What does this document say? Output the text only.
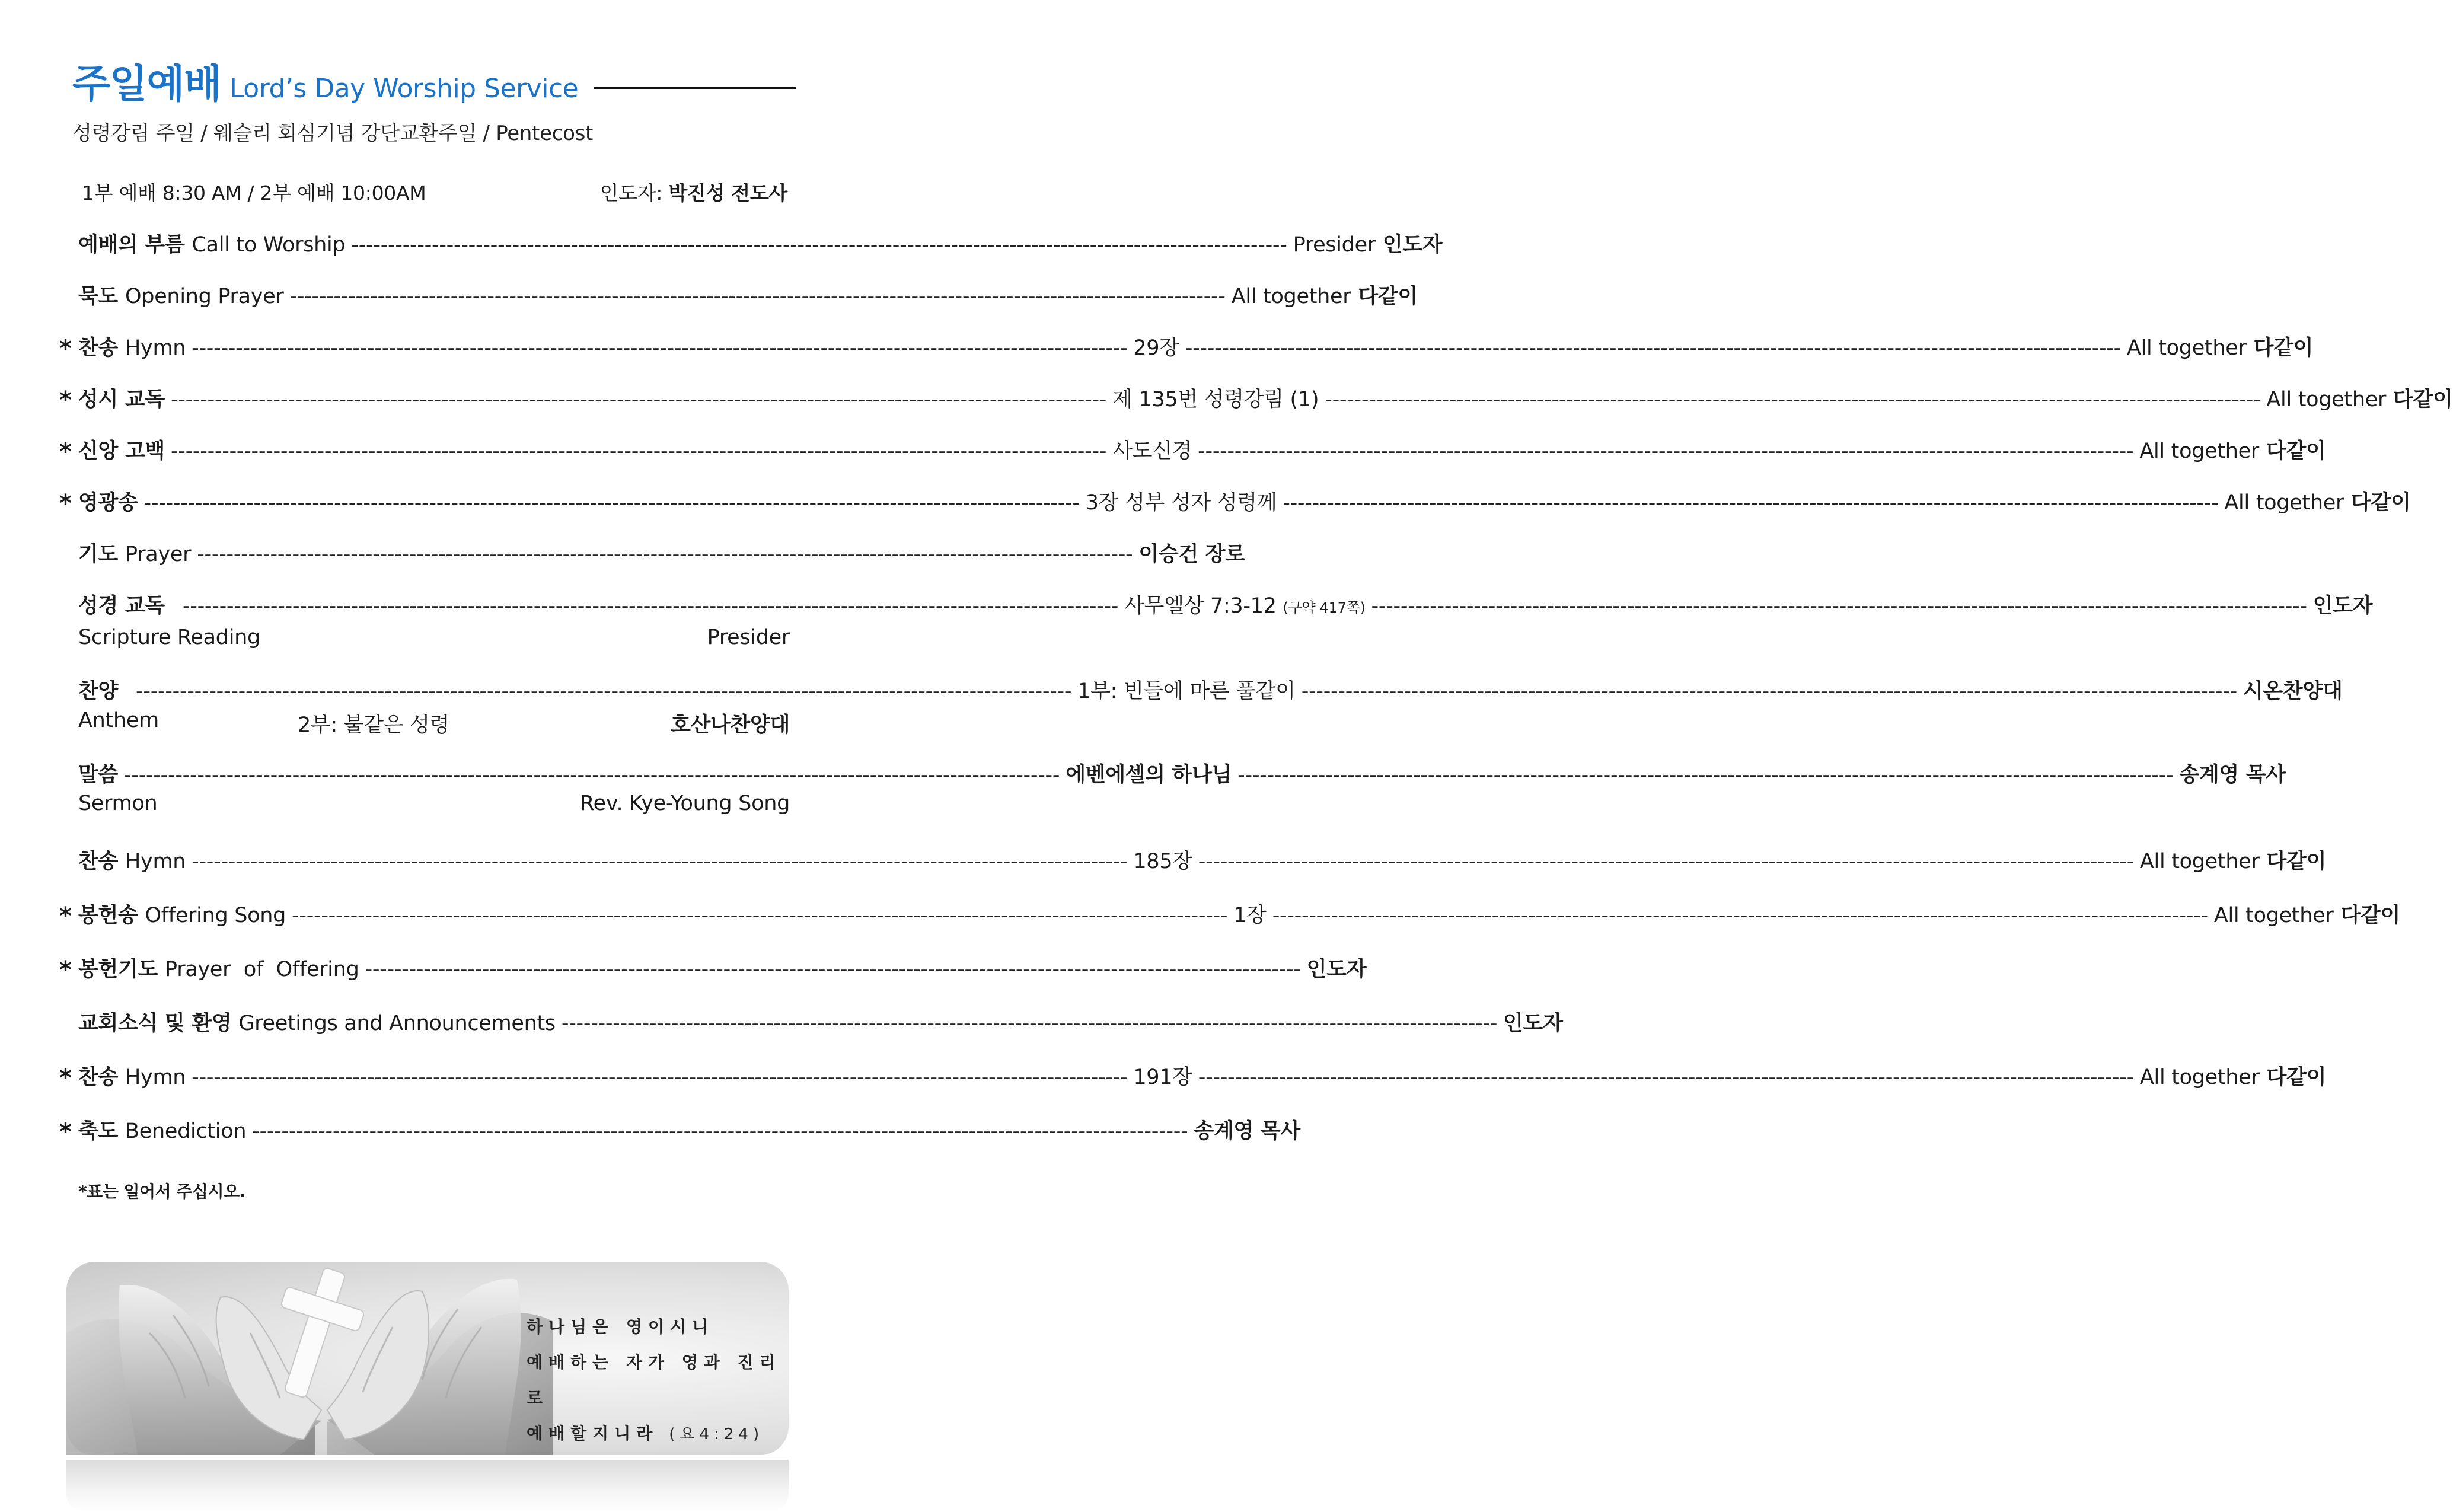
주일예배 Lord’s Day Worship Service
성령강림 주일 / 웨슬리 회심기념 강단교환주일 / Pentecost
1부 예배 8:30 AM / 2부 예배 10:00AM	인도자: 박진성 전도사
예배의 부름 Call to Worship -------------------------------------------------------------------------------------------------------------------------------- Presider 인도자
묵도 Opening Prayer -------------------------------------------------------------------------------------------------------------------------------- All together 다같이
* 찬송 Hymn -------------------------------------------------------------------------------------------------------------------------------- 29장 -------------------------------------------------------------------------------------------------------------------------------- All together 다같이
* 성시 교독 -------------------------------------------------------------------------------------------------------------------------------- 제 135번 성령강림 (1) -------------------------------------------------------------------------------------------------------------------------------- All together 다같이
* 신앙 고백 -------------------------------------------------------------------------------------------------------------------------------- 사도신경 -------------------------------------------------------------------------------------------------------------------------------- All together 다같이
* 영광송 -------------------------------------------------------------------------------------------------------------------------------- 3장 성부 성자 성령께 -------------------------------------------------------------------------------------------------------------------------------- All together 다같이
기도 Prayer -------------------------------------------------------------------------------------------------------------------------------- 이승건 장로
성경 교독 -------------------------------------------------------------------------------------------------------------------------------- 사무엘상 7:3-12 (구약 417쪽) -------------------------------------------------------------------------------------------------------------------------------- 인도자
Scripture Reading	Presider
찬양 -------------------------------------------------------------------------------------------------------------------------------- 1부: 빈들에 마른 풀같이 -------------------------------------------------------------------------------------------------------------------------------- 시온찬양대
Anthem	2부: 불같은 성령	호산나찬양대
말씀 -------------------------------------------------------------------------------------------------------------------------------- 에벤에셀의 하나님 -------------------------------------------------------------------------------------------------------------------------------- 송계영 목사
Sermon	Rev. Kye-Young Song
찬송 Hymn -------------------------------------------------------------------------------------------------------------------------------- 185장 -------------------------------------------------------------------------------------------------------------------------------- All together 다같이
* 봉헌송 Offering Song -------------------------------------------------------------------------------------------------------------------------------- 1장 -------------------------------------------------------------------------------------------------------------------------------- All together 다같이
* 봉헌기도 Prayer  of  Offering -------------------------------------------------------------------------------------------------------------------------------- 인도자
교회소식 및 환영 Greetings and Announcements -------------------------------------------------------------------------------------------------------------------------------- 인도자
* 찬송 Hymn -------------------------------------------------------------------------------------------------------------------------------- 191장 -------------------------------------------------------------------------------------------------------------------------------- All together 다같이
* 축도 Benediction -------------------------------------------------------------------------------------------------------------------------------- 송계영 목사
*표는 일어서 주십시오.
하나님은 영이시니
예배하는 자가 영과 진리로
예배할지니라 (요4:24)
